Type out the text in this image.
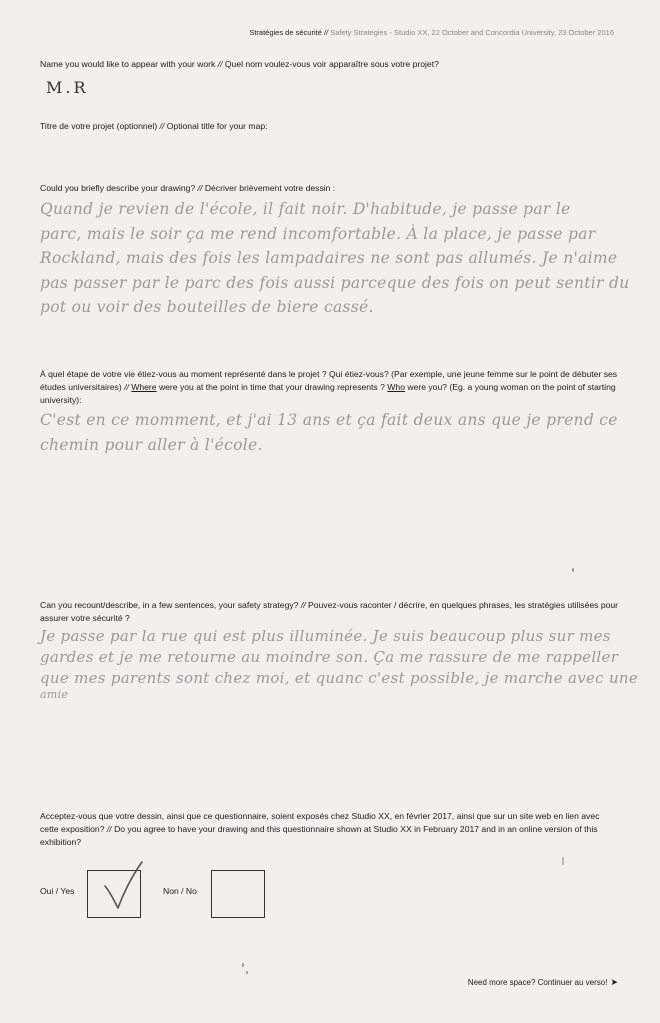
Stratégies de sécurité // Safety Strategies - Studio XX, 22 October and Concordia University, 23 October 2016
Name you would like to appear with your work // Quel nom voulez-vous voir apparaître sous votre projet?
M.R
Titre de votre projet (optionnel) // Optional title for your map:
Could you briefly describe your drawing? // Décriver brièvement votre dessin :
Quand je revien de l'école, il fait noir. D'habitude, je passe par le
parc, mais le soir ça me rend incomfortable. À la place, je passe par
Rockland, mais des fois les lampadaires ne sont pas allumés. Je n'aime
pas passer par le parc des fois aussi parceque des fois on peut sentir du
pot ou voir des bouteilles de biere cassé.
À quel étape de votre vie étiez-vous au moment représenté dans le projet ? Qui étiez-vous? (Par exemple, une jeune femme sur le point de débuter ses études universitaires) // Where were you at the point in time that your drawing represents ? Who were you? (Eg. a young woman on the point of starting university):
C'est en ce momment, et j'ai 13 ans et ça fait deux ans que je prend ce
chemin pour aller à l'école.
Can you recount/describe, in a few sentences, your safety strategy? // Pouvez-vous raconter / décrire, en quelques phrases, les stratégies utilisées pour assurer votre sécurité ?
Je passe par la rue qui est plus illuminée. Je suis beaucoup plus sur mes
gardes et je me retourne au moindre son. Ça me rassure de me rappeller
que mes parents sont chez moi, et quanc c'est possible, je marche avec une
amie
Acceptez-vous que votre dessin, ainsi que ce questionnaire, soient exposés chez Studio XX, en février 2017, ainsi que sur un site web en lien avec cette exposition? // Do you agree to have your drawing and this questionnaire shown at Studio XX in February 2017 and in an online version of this exhibition?
Oui / Yes	Non / No
Need more space? Continuer au verso! ➤
